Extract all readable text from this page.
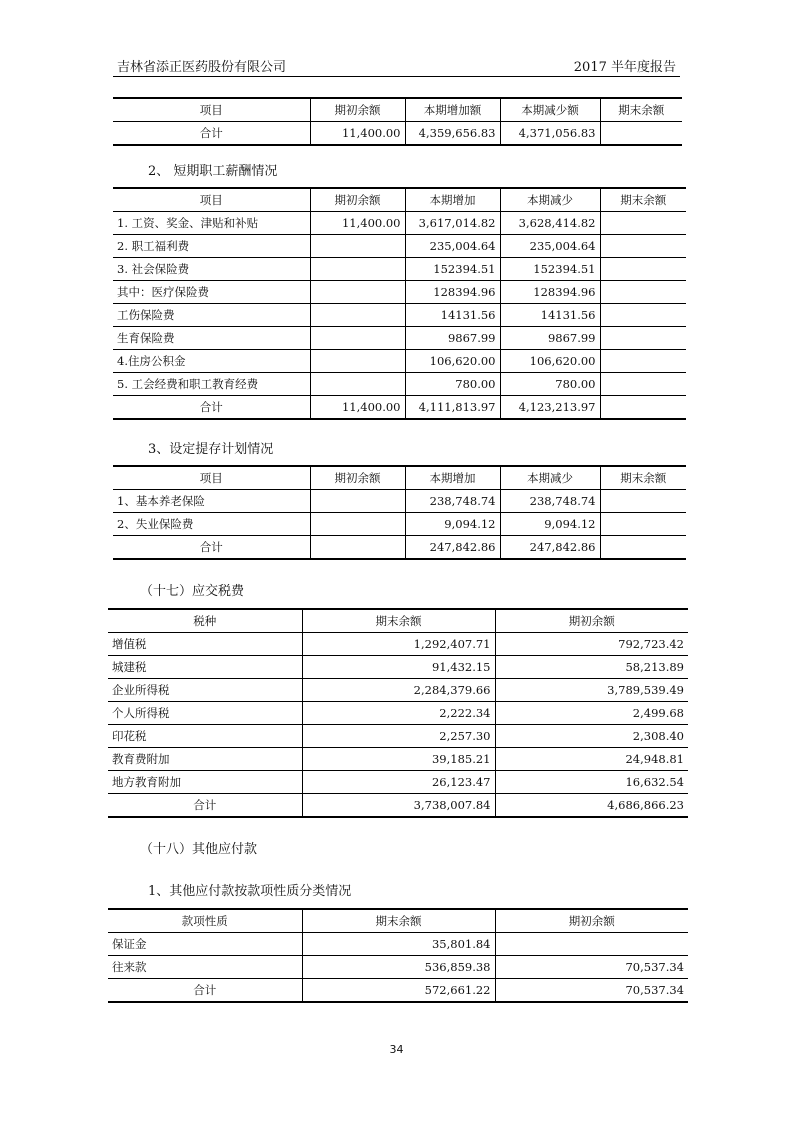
吉林省添正医药股份有限公司	2017 半年度报告
项目	期初余额	本期增加额	本期减少额	期末余额
合计	11,400.00	4,359,656.83	4,371,056.83	
2、 短期职工薪酬情况
项目	期初余额	本期增加	本期减少	期末余额
1. 工资、奖金、津贴和补贴	11,400.00	3,617,014.82	3,628,414.82	
2. 职工福利费		235,004.64	235,004.64	
3. 社会保险费		152394.51	152394.51	
其中：医疗保险费		128394.96	128394.96	
工伤保险费		14131.56	14131.56	
生育保险费		9867.99	9867.99	
4.住房公积金		106,620.00	106,620.00	
5. 工会经费和职工教育经费		780.00	780.00	
合计	11,400.00	4,111,813.97	4,123,213.97	
3、设定提存计划情况
项目	期初余额	本期增加	本期减少	期末余额
1、基本养老保险		238,748.74	238,748.74	
2、失业保险费		9,094.12	9,094.12	
合计		247,842.86	247,842.86	
（十七）应交税费
税种	期末余额	期初余额
增值税	1,292,407.71	792,723.42
城建税	91,432.15	58,213.89
企业所得税	2,284,379.66	3,789,539.49
个人所得税	2,222.34	2,499.68
印花税	2,257.30	2,308.40
教育费附加	39,185.21	24,948.81
地方教育附加	26,123.47	16,632.54
合计	3,738,007.84	4,686,866.23
（十八）其他应付款
1、其他应付款按款项性质分类情况
款项性质	期末余额	期初余额
保证金	35,801.84	
往来款	536,859.38	70,537.34
合计	572,661.22	70,537.34
34
